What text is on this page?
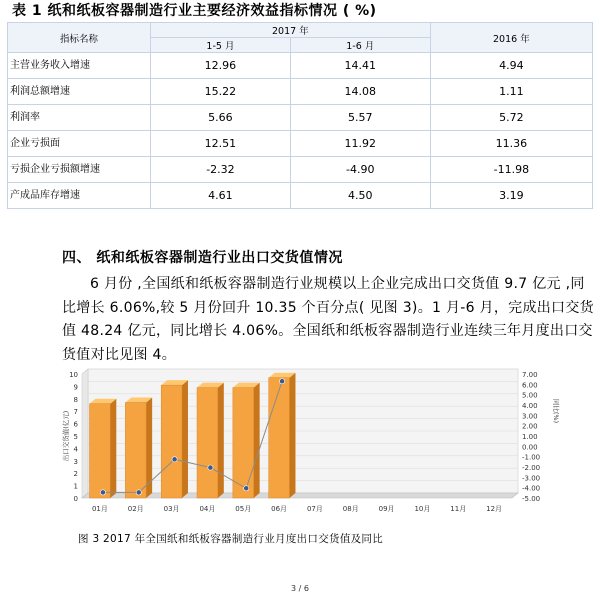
表 1 纸和纸板容器制造行业主要经济效益指标情况 ( %)
指标名称	2017 年		2016 年
	1-5 月	1-6 月	
主营业务收入增速	12.96	14.41	4.94
利润总额增速	15.22	14.08	1.11
利润率	5.66	5.57	5.72
企业亏损面	12.51	11.92	11.36
亏损企业亏损额增速	-2.32	-4.90	-11.98
产成品库存增速	4.61	4.50	3.19
四、 纸和纸板容器制造行业出口交货值情况
6 月份 ,全国纸和纸板容器制造行业规模以上企业完成出口交货值 9.7 亿元 ,同比增长 6.06%,较 5 月份回升 10.35 个百分点( 见图 3)。1 月-6 月，完成出口交货值 48.24 亿元，同比增长 4.06%。全国纸和纸板容器制造行业连续三年月度出口交货值对比见图 4。
0
1
2
3
4
5
6
7
8
9
10
-5.00
-4.00
-3.00
-2.00
-1.00
0.00
1.00
2.00
3.00
4.00
5.00
6.00
7.00
出口交货值(亿元)	同比(%)
01月	02月	03月	04月	05月	06月	07月	08月	09月	10月	11月	12月
图 3 2017 年全国纸和纸板容器制造行业月度出口交货值及同比
3 / 6
